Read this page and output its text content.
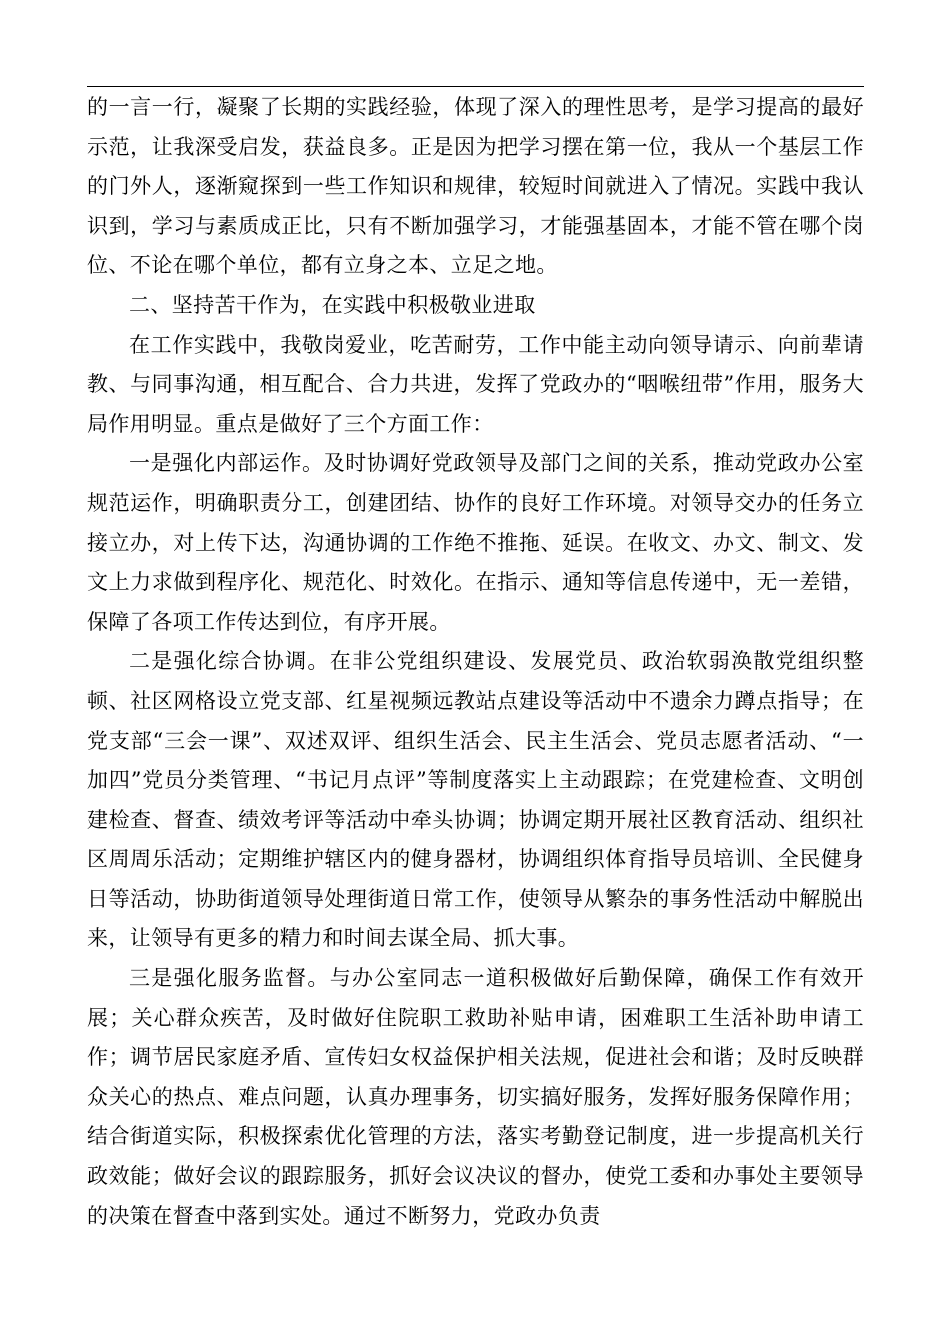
的一言一行，凝聚了长期的实践经验，体现了深入的理性思考，是学习提高的最好示范，让我深受启发，获益良多。正是因为把学习摆在第一位，我从一个基层工作的门外人，逐渐窥探到一些工作知识和规律，较短时间就进入了情况。实践中我认识到，学习与素质成正比，只有不断加强学习，才能强基固本，才能不管在哪个岗位、不论在哪个单位，都有立身之本、立足之地。

二、坚持苦干作为，在实践中积极敬业进取

在工作实践中，我敬岗爱业，吃苦耐劳，工作中能主动向领导请示、向前辈请教、与同事沟通，相互配合、合力共进，发挥了党政办的“咽喉纽带”作用，服务大局作用明显。重点是做好了三个方面工作：

一是强化内部运作。及时协调好党政领导及部门之间的关系，推动党政办公室规范运作，明确职责分工，创建团结、协作的良好工作环境。对领导交办的任务立接立办，对上传下达，沟通协调的工作绝不推拖、延误。在收文、办文、制文、发文上力求做到程序化、规范化、时效化。在指示、通知等信息传递中，无一差错，保障了各项工作传达到位，有序开展。

二是强化综合协调。在非公党组织建设、发展党员、政治软弱涣散党组织整顿、社区网格设立党支部、红星视频远教站点建设等活动中不遗余力蹲点指导；在党支部“三会一课”、双述双评、组织生活会、民主生活会、党员志愿者活动、“一加四”党员分类管理、“书记月点评”等制度落实上主动跟踪；在党建检查、文明创建检查、督查、绩效考评等活动中牵头协调；协调定期开展社区教育活动、组织社区周周乐活动；定期维护辖区内的健身器材，协调组织体育指导员培训、全民健身日等活动，协助街道领导处理街道日常工作，使领导从繁杂的事务性活动中解脱出来，让领导有更多的精力和时间去谋全局、抓大事。

三是强化服务监督。与办公室同志一道积极做好后勤保障，确保工作有效开展；关心群众疾苦，及时做好住院职工救助补贴申请，困难职工生活补助申请工作；调节居民家庭矛盾、宣传妇女权益保护相关法规，促进社会和谐；及时反映群众关心的热点、难点问题，认真办理事务，切实搞好服务，发挥好服务保障作用；结合街道实际，积极探索优化管理的方法，落实考勤登记制度，进一步提高机关行政效能；做好会议的跟踪服务，抓好会议决议的督办，使党工委和办事处主要领导的决策在督查中落到实处。通过不断努力，党政办负责
